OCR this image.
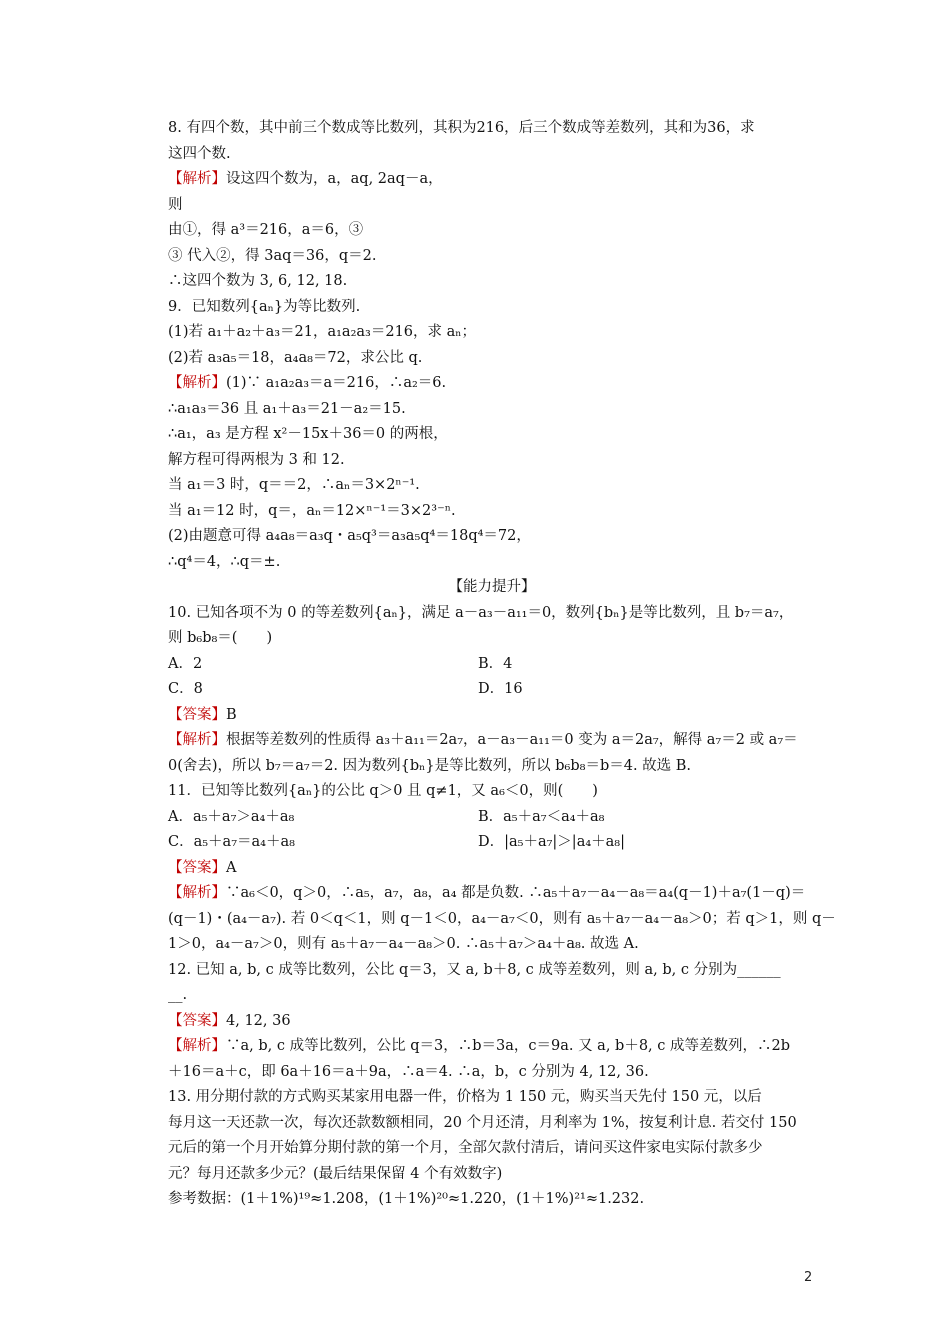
8. 有四个数，其中前三个数成等比数列，其积为216，后三个数成等差数列，其和为36，求
这四个数.
【解析】设这四个数为，a，aq, 2aq－a，
则
由①，得 a³＝216，a＝6，③
③ 代入②，得 3aq＝36，q＝2.
∴这四个数为 3, 6, 12, 18.
9．已知数列{aₙ}为等比数列.
(1)若 a₁＋a₂＋a₃＝21，a₁a₂a₃＝216，求 aₙ；
(2)若 a₃a₅＝18，a₄a₈＝72，求公比 q.
【解析】(1)∵ a₁a₂a₃＝a＝216，∴a₂＝6.
∴a₁a₃＝36 且 a₁＋a₃＝21－a₂＝15.
∴a₁，a₃ 是方程 x²－15x＋36＝0 的两根，
解方程可得两根为 3 和 12.
当 a₁＝3 时，q＝＝2，∴aₙ＝3×2ⁿ⁻¹.
当 a₁＝12 时，q＝，aₙ＝12×ⁿ⁻¹＝3×2³⁻ⁿ.
(2)由题意可得 a₄a₈＝a₃q・a₅q³＝a₃a₅q⁴＝18q⁴＝72，
∴q⁴＝4，∴q＝±.
【能力提升】
10. 已知各项不为 0 的等差数列{aₙ}，满足 a－a₃－a₁₁＝0，数列{bₙ}是等比数列，且 b₇＝a₇，
则 b₆b₈＝(　　)
A．2	B．4
C．8	D．16
【答案】B
【解析】根据等差数列的性质得 a₃＋a₁₁＝2a₇，a－a₃－a₁₁＝0 变为 a＝2a₇，解得 a₇＝2 或 a₇＝
0(舍去)，所以 b₇＝a₇＝2. 因为数列{bₙ}是等比数列，所以 b₆b₈＝b＝4. 故选 B.
11．已知等比数列{aₙ}的公比 q＞0 且 q≠1，又 a₆＜0，则(　　)
A．a₅＋a₇＞a₄＋a₈	B．a₅＋a₇＜a₄＋a₈
C．a₅＋a₇＝a₄＋a₈	D．|a₅＋a₇|＞|a₄＋a₈|
【答案】A
【解析】∵a₆＜0，q＞0，∴a₅，a₇，a₈，a₄ 都是负数. ∴a₅＋a₇－a₄－a₈＝a₄(q－1)＋a₇(1－q)＝
(q－1)・(a₄－a₇). 若 0＜q＜1，则 q－1＜0，a₄－a₇＜0，则有 a₅＋a₇－a₄－a₈＞0；若 q＞1，则 q－
1＞0，a₄－a₇＞0，则有 a₅＋a₇－a₄－a₈＞0. ∴a₅＋a₇＞a₄＋a₈. 故选 A.
12. 已知 a, b, c 成等比数列，公比 q＝3，又 a, b＋8, c 成等差数列，则 a, b, c 分别为______
__.
【答案】4, 12, 36
【解析】∵a, b, c 成等比数列，公比 q＝3，∴b＝3a，c＝9a. 又 a, b＋8, c 成等差数列，∴2b
＋16＝a＋c，即 6a＋16＝a＋9a，∴a＝4. ∴a，b，c 分别为 4, 12, 36.
13. 用分期付款的方式购买某家用电器一件，价格为 1 150 元，购买当天先付 150 元，以后
每月这一天还款一次，每次还款数额相同，20 个月还清，月利率为 1%，按复利计息. 若交付 150
元后的第一个月开始算分期付款的第一个月，全部欠款付清后，请问买这件家电实际付款多少
元？每月还款多少元？(最后结果保留 4 个有效数字)
参考数据：(1＋1%)¹⁹≈1.208，(1＋1%)²⁰≈1.220，(1＋1%)²¹≈1.232.
2
